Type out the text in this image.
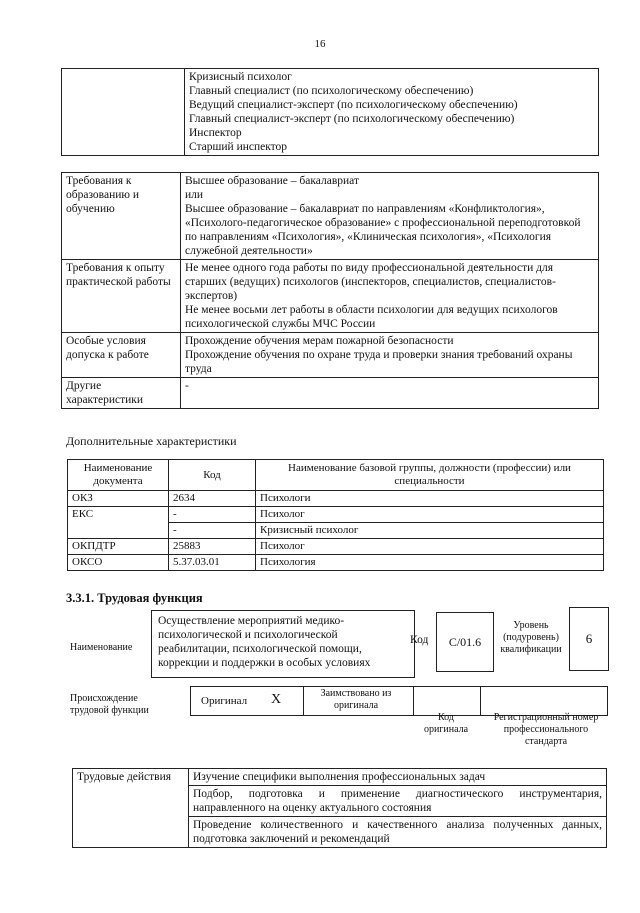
16

Кризисный психолог
Главный специалист (по психологическому обеспечению)
Ведущий специалист-эксперт (по психологическому обеспечению)
Главный специалист-эксперт (по психологическому обеспечению)
Инспектор
Старший инспектор
Требования к образованию и обучению	Высшее образование – бакалавриат
или
Высшее образование – бакалавриат по направлениям «Конфликтология», «Психолого-педагогическое образование» с профессиональной переподготовкой по направлениям «Психология», «Клиническая психология», «Психология служебной деятельности»

Требования к опыту практической работы	Не менее одного года работы по виду профессиональной деятельности для старших (ведущих) психологов (инспекторов, специалистов, специалистов-экспертов)
Не менее восьми лет работы в области психологии для ведущих психологов психологической службы МЧС России

Особые условия допуска к работе	Прохождение обучения мерам пожарной безопасности
Прохождение обучения по охране труда и проверки знания требований охраны труда

Другие характеристики	-
Дополнительные характеристики
Наименование документа	Код	Наименование базовой группы, должности (профессии) или специальности
ОКЗ	2634	Психологи
ЕКС	-	Психолог
	-	Кризисный психолог
ОКПДТР	25883	Психолог
ОКСО	5.37.03.01	Психология
3.3.1. Трудовая функция
Наименование
Осуществление мероприятий медико-психологической и психологической реабилитации, психологической помощи, коррекции и поддержки в особых условиях
Код С/01.6
Уровень (подуровень) квалификации
6
Происхождение трудовой функции
Оригинал X	Заимствовано из оригинала
Код оригинала
Регистрационный номер профессионального стандарта
Трудовые действия	Изучение специфики выполнения профессиональных задач
Подбор, подготовка и применение диагностического инструментария, направленного на оценку актуального состояния
Проведение количественного и качественного анализа полученных данных, подготовка заключений и рекомендаций
